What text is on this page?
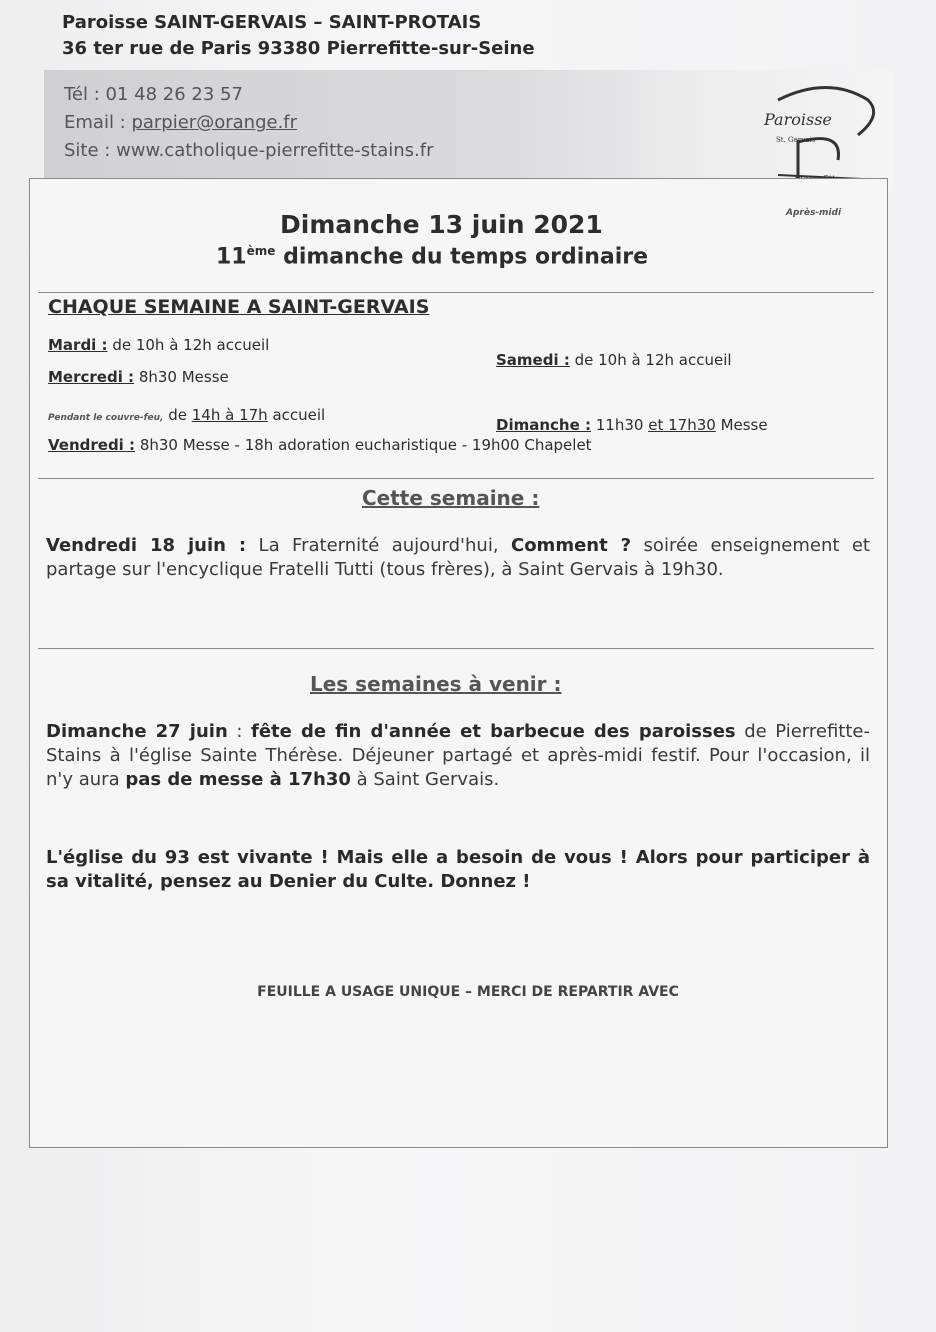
Paroisse SAINT-GERVAIS – SAINT-PROTAIS
36 ter rue de Paris 93380 Pierrefitte-sur-Seine
Tél : 01 48 26 23 57
Email : parpier@orange.fr
Site : www.catholique-pierrefitte-stains.fr
Paroisse
St. Gervais
Après-midi
Dimanche 13 juin 2021
11ème dimanche du temps ordinaire
CHAQUE SEMAINE A SAINT-GERVAIS
Mardi : de 10h à 12h accueil
Mercredi : 8h30 Messe
Pendant le couvre-feu, de 14h à 17h accueil
Vendredi : 8h30 Messe - 18h adoration eucharistique - 19h00 Chapelet
Samedi : de 10h à 12h accueil
Dimanche : 11h30 et 17h30 Messe
Cette semaine :
Vendredi 18 juin : La Fraternité aujourd'hui, Comment ? soirée enseignement et partage sur l'encyclique Fratelli Tutti (tous frères), à Saint Gervais à 19h30.
Les semaines à venir :
Dimanche 27 juin : fête de fin d'année et barbecue des paroisses de Pierrefitte-Stains à l'église Sainte Thérèse. Déjeuner partagé et après-midi festif. Pour l'occasion, il n'y aura pas de messe à 17h30 à Saint Gervais.
L'église du 93 est vivante ! Mais elle a besoin de vous ! Alors pour participer à sa vitalité, pensez au Denier du Culte. Donnez !
FEUILLE A USAGE UNIQUE – MERCI DE REPARTIR AVEC
